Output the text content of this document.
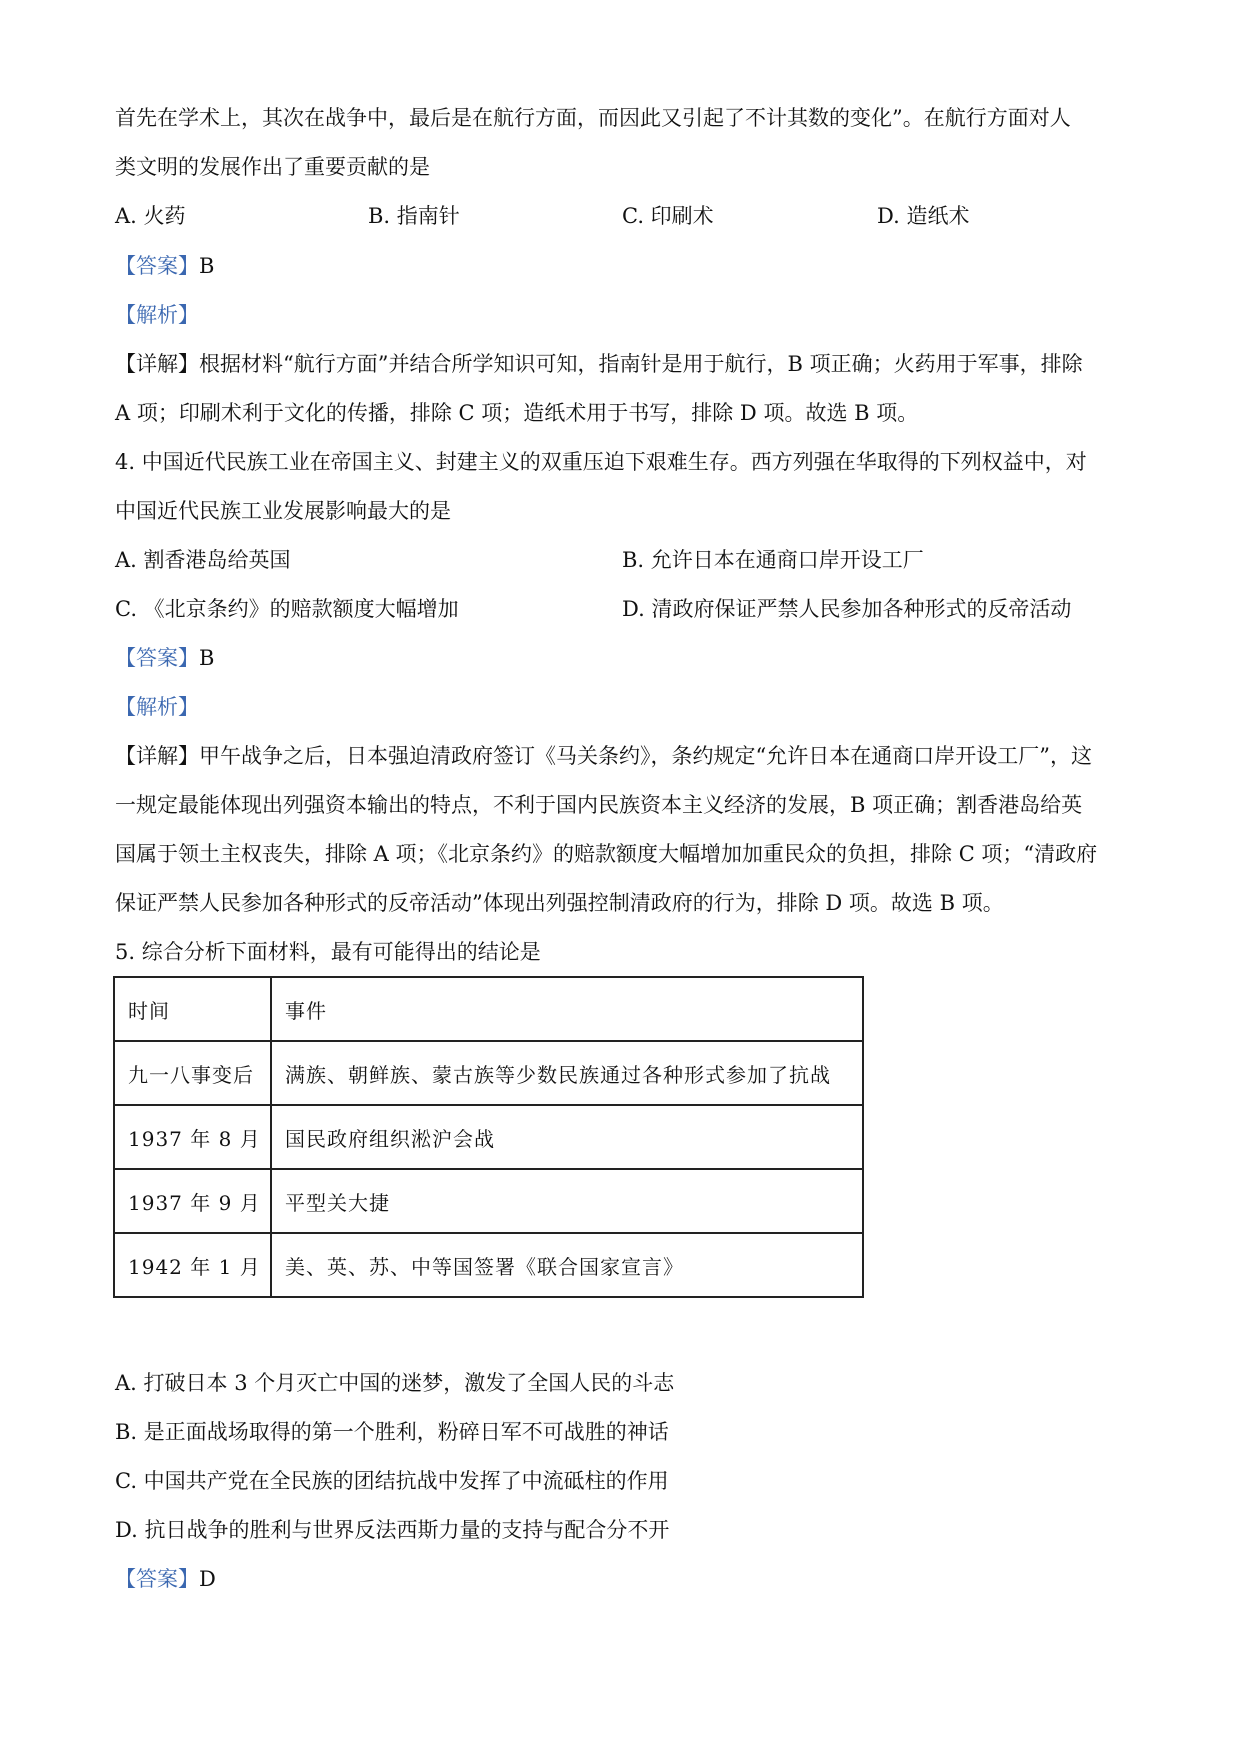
首先在学术上，其次在战争中，最后是在航行方面，而因此又引起了不计其数的变化”。在航行方面对人
类文明的发展作出了重要贡献的是
A. 火药	B. 指南针	C. 印刷术	D. 造纸术
【答案】B
【解析】
【详解】根据材料“航行方面”并结合所学知识可知，指南针是用于航行，B 项正确；火药用于军事，排除
A 项；印刷术利于文化的传播，排除 C 项；造纸术用于书写，排除 D 项。故选 B 项。
4. 中国近代民族工业在帝国主义、封建主义的双重压迫下艰难生存。西方列强在华取得的下列权益中，对
中国近代民族工业发展影响最大的是
A. 割香港岛给英国	B. 允许日本在通商口岸开设工厂
C. 《北京条约》的赔款额度大幅增加	D. 清政府保证严禁人民参加各种形式的反帝活动
【答案】B
【解析】
【详解】甲午战争之后，日本强迫清政府签订《马关条约》，条约规定“允许日本在通商口岸开设工厂”，这
一规定最能体现出列强资本输出的特点，不利于国内民族资本主义经济的发展，B 项正确；割香港岛给英
国属于领土主权丧失，排除 A 项；《北京条约》的赔款额度大幅增加加重民众的负担，排除 C 项；“清政府
保证严禁人民参加各种形式的反帝活动”体现出列强控制清政府的行为，排除 D 项。故选 B 项。
5. 综合分析下面材料，最有可能得出的结论是
时间	事件
九一八事变后	满族、朝鲜族、蒙古族等少数民族通过各种形式参加了抗战
1937 年 8 月	国民政府组织淞沪会战
1937 年 9 月	平型关大捷
1942 年 1 月	美、英、苏、中等国签署《联合国家宣言》
A. 打破日本 3 个月灭亡中国的迷梦，激发了全国人民的斗志
B. 是正面战场取得的第一个胜利，粉碎日军不可战胜的神话
C. 中国共产党在全民族的团结抗战中发挥了中流砥柱的作用
D. 抗日战争的胜利与世界反法西斯力量的支持与配合分不开
【答案】D
